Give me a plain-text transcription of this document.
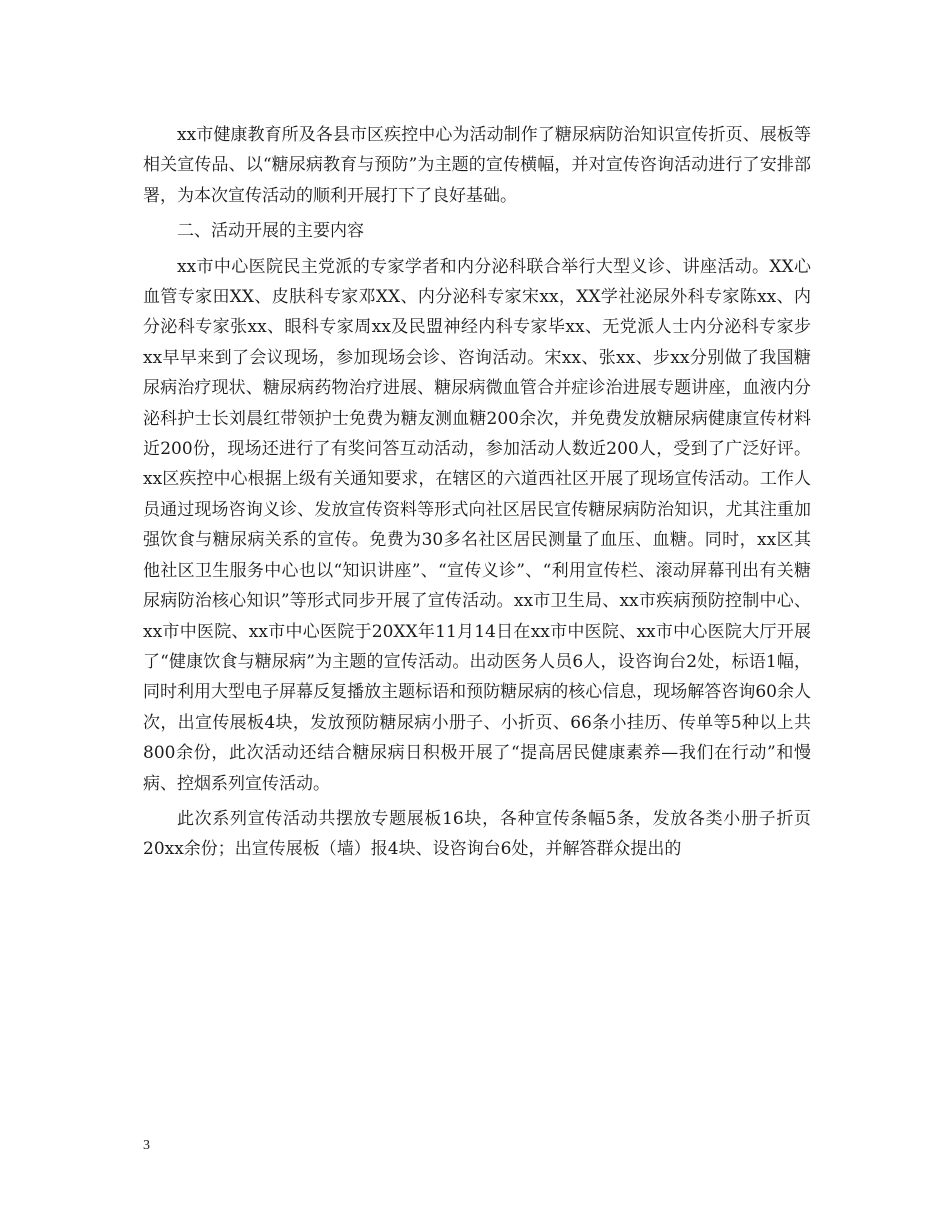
xx市健康教育所及各县市区疾控中心为活动制作了糖尿病防治知识宣传折页、展板等相关宣传品、以“糖尿病教育与预防”为主题的宣传横幅，并对宣传咨询活动进行了安排部署，为本次宣传活动的顺利开展打下了良好基础。

二、活动开展的主要内容

xx市中心医院民主党派的专家学者和内分泌科联合举行大型义诊、讲座活动。XX心血管专家田XX、皮肤科专家邓XX、内分泌科专家宋xx，XX学社泌尿外科专家陈xx、内分泌科专家张xx、眼科专家周xx及民盟神经内科专家毕xx、无党派人士内分泌科专家步xx早早来到了会议现场，参加现场会诊、咨询活动。宋xx、张xx、步xx分别做了我国糖尿病治疗现状、糖尿病药物治疗进展、糖尿病微血管合并症诊治进展专题讲座，血液内分泌科护士长刘晨红带领护士免费为糖友测血糖200余次，并免费发放糖尿病健康宣传材料近200份，现场还进行了有奖问答互动活动，参加活动人数近200人，受到了广泛好评。xx区疾控中心根据上级有关通知要求，在辖区的六道西社区开展了现场宣传活动。工作人员通过现场咨询义诊、发放宣传资料等形式向社区居民宣传糖尿病防治知识，尤其注重加强饮食与糖尿病关系的宣传。免费为30多名社区居民测量了血压、血糖。同时，xx区其他社区卫生服务中心也以“知识讲座”、“宣传义诊”、“利用宣传栏、滚动屏幕刊出有关糖尿病防治核心知识”等形式同步开展了宣传活动。xx市卫生局、xx市疾病预防控制中心、xx市中医院、xx市中心医院于20XX年11月14日在xx市中医院、xx市中心医院大厅开展了“健康饮食与糖尿病”为主题的宣传活动。出动医务人员6人，设咨询台2处，标语1幅，同时利用大型电子屏幕反复播放主题标语和预防糖尿病的核心信息，现场解答咨询60余人次，出宣传展板4块，发放预防糖尿病小册子、小折页、66条小挂历、传单等5种以上共800余份，此次活动还结合糖尿病日积极开展了“提高居民健康素养—我们在行动”和慢病、控烟系列宣传活动。

此次系列宣传活动共摆放专题展板16块，各种宣传条幅5条，发放各类小册子折页20xx余份；出宣传展板（墙）报4块、设咨询台6处，并解答群众提出的

3
